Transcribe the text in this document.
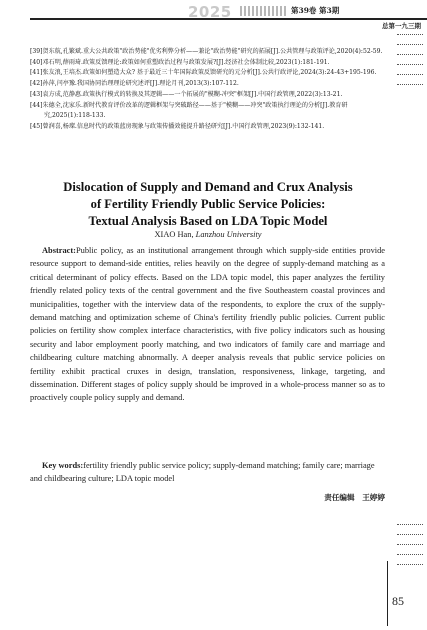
2025	第39卷 第3期
总第一九三期

[39]贺东航,孔繁斌.重大公共政策"政治势能"优劣利弊分析——兼论"政治势能"研究的拓展[J].公共管理与政策评论,2020(4):52-59.

[40]邓石明,薛雨琦.政策反馈理论:政策如何重塑政治过程与政策发展?[J].经济社会体制比较,2023(1):181-191.

[41]张友浪,王培杰.政策如何塑造大众? 基于最近三十年国际政策反馈研究的元分析[J].公共行政评论,2024(3):24-43+195-196.

[42]孙萍,闫亭豫.我国协同治理理论研究述评[J].理论月刊,2013(3):107-112.

[43]袁方成,范静惠.政策执行模式的转换及其逻辑——一个拓展的"模糊-冲突"框架[J].中国行政管理,2022(3):13-21.

[44]朱德全,沈家乐.新时代教育评价改革的逻辑框架与突破路径——基于"模糊——冲突"政策执行理论的分析[J].教育研究,2025(1):118-133.

[45]曾润喜,杨璨.信息时代的政策蓝房现象与政策传播效能提升路径研究[J].中国行政管理,2023(9):132-141.

Dislocation of Supply and Demand and Crux Analysis
of Fertility Friendly Public Service Policies:
Textual Analysis Based on LDA Topic Model
XIAO Han, Lanzhou University

Abstract:Public policy, as an institutional arrangement through which supply-side entities provide resource support to demand-side entities, relies heavily on the degree of supply-demand matching as a critical determinant of policy effects. Based on the LDA topic model, this paper analyzes the fertility friendly related policy texts of the central government and the five Southeastern coastal provinces and municipalities, together with the interview data of the respondents, to explore the crux of the supply-demand matching and optimization scheme of China's fertility friendly public policies. Current public policies on fertility show complex interface characteristics, with five policy indicators such as housing security and labor employment poorly matching, and two indicators of family care and marriage and childbearing culture matching abnormally. A deeper analysis reveals that public service policies on fertility exhibit practical cruxes in design, translation, responsiveness, linkage, targeting, and dissemination. Different stages of policy supply should be improved in a whole-process manner so as to proactively couple policy supply and demand.

Key words:fertility friendly public service policy; supply-demand matching; family care; marriage and childbearing culture; LDA topic model

责任编辑　王婷婷
85
